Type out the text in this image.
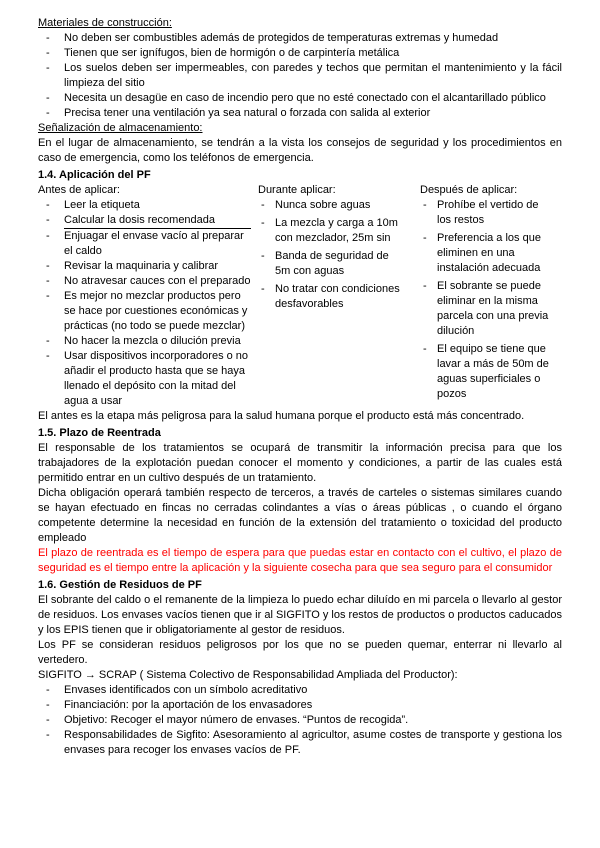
Materiales de construcción:
-
No deben ser combustibles además de protegidos de temperaturas extremas y humedad
-
Tienen que ser ignífugos, bien de hormigón o de carpintería metálica
-
Los suelos deben ser impermeables, con paredes y techos que permitan el mantenimiento y la fácil limpieza del sitio
-
Necesita un desagüe en caso de incendio pero que no esté conectado con el alcantarillado público
-
Precisa tener una ventilación ya sea natural o forzada con salida al exterior
Señalización de almacenamiento:

En el lugar de almacenamiento, se tendrán a la vista los consejos de seguridad y los procedimientos en caso de emergencia, como los teléfonos de emergencia.

1.4. Aplicación del PF
Antes de aplicar:
-
Leer la etiqueta
-
Calcular la dosis recomendada
-
Enjuagar el envase vacío al preparar el caldo
-
Revisar la maquinaria y calibrar
-
No atravesar cauces con el preparado
-
Es mejor no mezclar productos pero se hace por cuestiones económicas y prácticas (no todo se puede mezclar)
-
No hacer la mezcla o dilución previa
-
Usar dispositivos incorporadores o no añadir el producto hasta que se haya llenado el depósito con la mitad del agua a usar
Durante aplicar:
-
Nunca sobre aguas
-
La mezcla y carga a 10m con mezclador, 25m sin
-
Banda de seguridad de 5m con aguas
-
No tratar con condiciones desfavorables
Después de aplicar:
-
Prohíbe el vertido de los restos
-
Preferencia a los que eliminen en una instalación adecuada
-
El sobrante se puede eliminar en la misma parcela con una previa dilución
-
El equipo se tiene que lavar a más de 50m de aguas superficiales o pozos

El antes es la etapa más peligrosa para la salud humana porque el producto está más concentrado.

1.5. Plazo de Reentrada

El responsable de los tratamientos se ocupará de transmitir la información precisa para que los trabajadores de la explotación puedan conocer el momento y condiciones, a partir de las cuales está permitido entrar en un cultivo después de un tratamiento.

Dicha obligación operará también respecto de terceros, a través de carteles o sistemas similares cuando se hayan efectuado en fincas no cerradas colindantes a vías o áreas públicas , o cuando el órgano competente determine la necesidad en función de la extensión del tratamiento o toxicidad del producto empleado

El plazo de reentrada es el tiempo de espera para que puedas estar en contacto con el cultivo, el plazo de seguridad es el tiempo entre la aplicación y la siguiente cosecha para que sea seguro para el consumidor

1.6. Gestión de Residuos de PF

El sobrante del caldo o el remanente de la limpieza lo puedo echar diluído en mi parcela o llevarlo al gestor de residuos. Los envases vacíos tienen que ir al SIGFITO y los restos de productos o productos caducados y los EPIS tienen que ir obligatoriamente al gestor de residuos.

Los PF se consideran residuos peligrosos por los que no se pueden quemar, enterrar ni llevarlo al vertedero.

SIGFITO → SCRAP ( Sistema Colectivo de Responsabilidad Ampliada del Productor):

-
Envases identificados con un símbolo acreditativo
-
Financiación: por la aportación de los envasadores
-
Objetivo: Recoger el mayor número de envases. “Puntos de recogida”.
-
Responsabilidades de Sigfito: Asesoramiento al agricultor, asume costes de transporte y gestiona los envases para recoger los envases vacíos de PF.
